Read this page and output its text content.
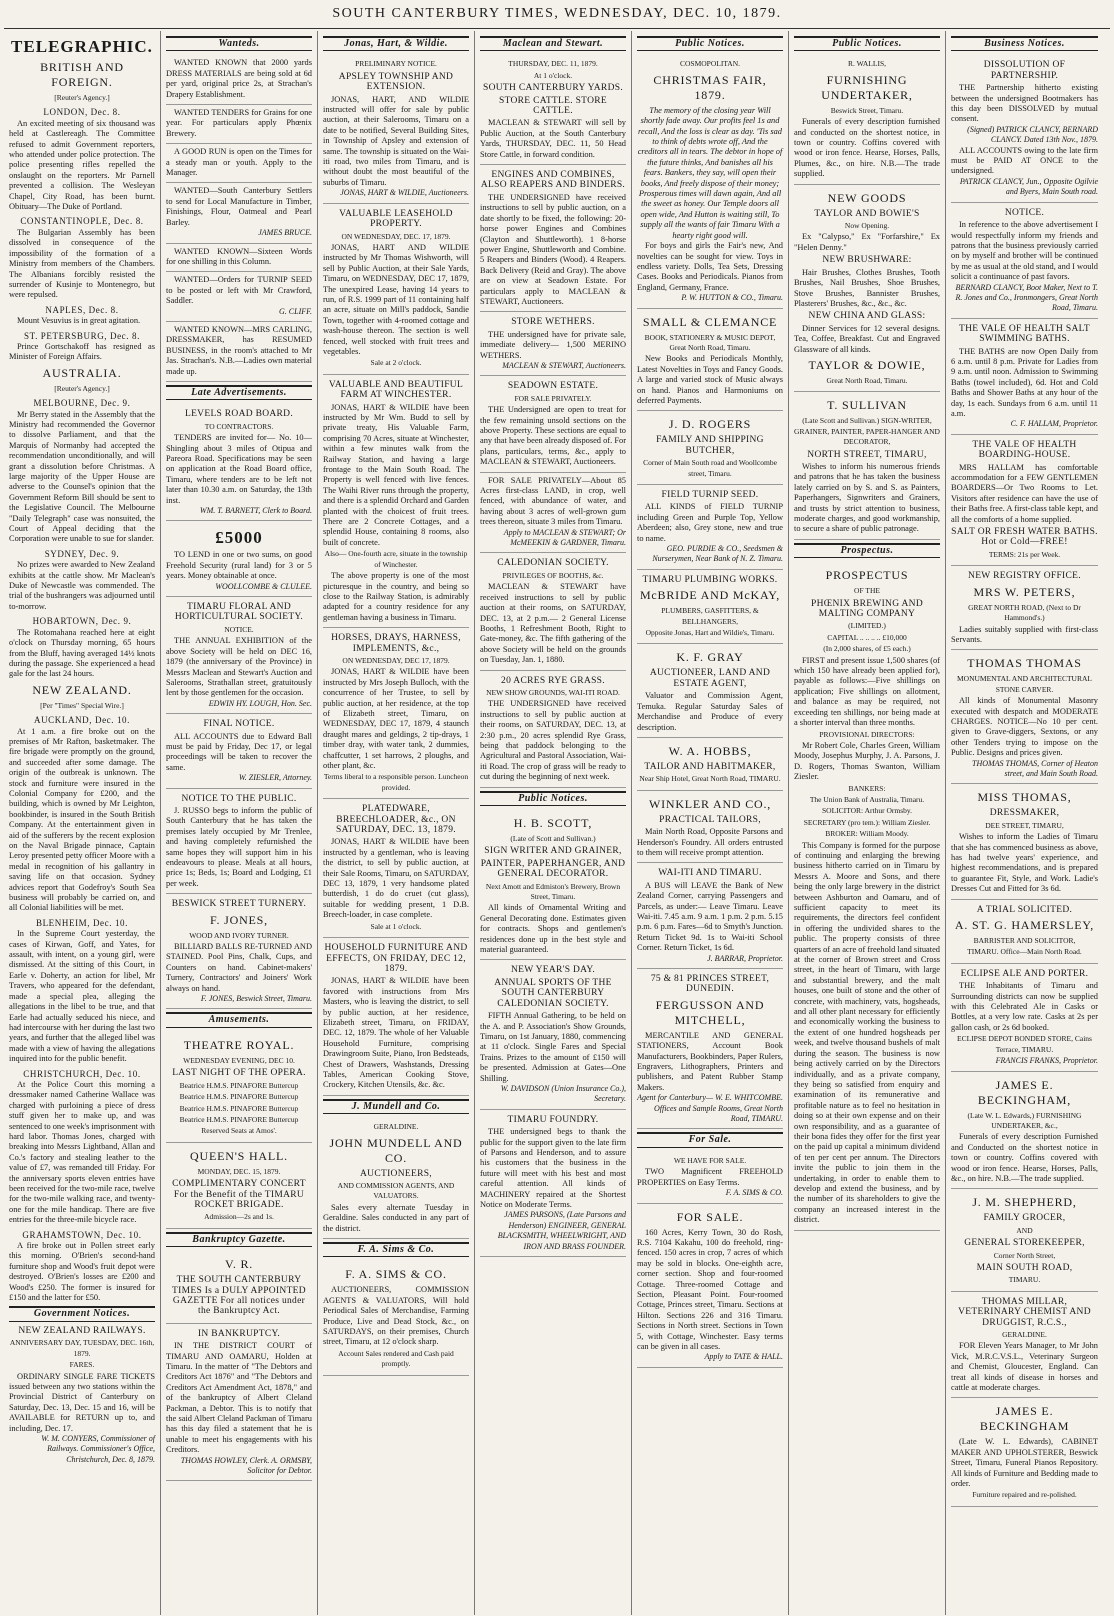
SOUTH CANTERBURY TIMES, WEDNESDAY, DEC. 10, 1879.
TELEGRAPHIC.
BRITISH AND FOREIGN.
[Reuter's Agency.]
LONDON, Dec. 8.
An excited meeting of six thousand was held at Castlereagh. The Committee refused to admit Government reporters, who attended under police protection. The police presenting rifles repelled the onslaught on the reporters. Mr Parnell prevented a collision. The Wesleyan Chapel, City Road, has been burnt. Obituary—The Duke of Portland.
CONSTANTINOPLE, Dec. 8.
The Bulgarian Assembly has been dissolved in consequence of the impossibility of the formation of a Ministry from members of the Chambers. The Albanians forcibly resisted the surrender of Kusinje to Montenegro, but were repulsed.
NAPLES, Dec. 8.
Mount Vesuvius is in great agitation.
ST. PETERSBURG, Dec. 8.
Prince Gortschakoff has resigned as Minister of Foreign Affairs.
AUSTRALIA.
[Reuter's Agency.]
MELBOURNE, Dec. 9.
Mr Berry stated in the Assembly that the Ministry had recommended the Governor to dissolve Parliament, and that the Marquis of Normanby had accepted the recommendation unconditionally, and will grant a dissolution before Christmas. A large majority of the Upper House are adverse to the Counsel's opinion that the Government Reform Bill should be sent to the Legislative Council. The Melbourne "Daily Telegraph" case was nonsuited, the Court of Appeal deciding that the Corporation were unable to sue for slander.
SYDNEY, Dec. 9.
No prizes were awarded to New Zealand exhibits at the cattle show. Mr Maclean's Duke of Newcastle was commended. The trial of the bushrangers was adjourned until to-morrow.
HOBARTOWN, Dec. 9.
The Rotomahana reached here at eight o'clock on Thursday morning, 65 hours from the Bluff, having averaged 14½ knots during the passage. She experienced a head gale for the last 24 hours.
NEW ZEALAND.
[Per "Times" Special Wire.]
AUCKLAND, Dec. 10.
At 1 a.m. a fire broke out on the premises of Mr Rafton, basketmaker. The fire brigade were promptly on the ground, and succeeded after some damage. The origin of the outbreak is unknown. The stock and furniture were insured in the Colonial Company for £200, and the building, which is owned by Mr Leighton, bookbinder, is insured in the South British Company. At the entertainment given in aid of the sufferers by the recent explosion on the Naval Brigade pinnace, Captain Leroy presented petty officer Moore with a medal in recognition of his gallantry in saving life on that occasion. Sydney advices report that Godefroy's South Sea business will probably be carried on, and all Colonial liabilities will be met.
BLENHEIM, Dec. 10.
In the Supreme Court yesterday, the cases of Kirwan, Goff, and Yates, for assault, with intent, on a young girl, were dismissed. At the sitting of this Court, in Earle v. Doherty, an action for libel, Mr Travers, who appeared for the defendant, made a special plea, alleging the allegations in the libel to be true, and that Earle had actually seduced his niece, and had intercourse with her during the last two years, and further that the alleged libel was made with a view of having the allegations inquired into for the public benefit.
CHRISTCHURCH, Dec. 10.
At the Police Court this morning a dressmaker named Catherine Wallace was charged with purloining a piece of dress stuff given her to make up, and was sentenced to one week's imprisonment with hard labor. Thomas Jones, charged with breaking into Messrs Lightband, Allan and Co.'s factory and stealing leather to the value of £7, was remanded till Friday. For the anniversary sports eleven entries have been received for the two-mile race, twelve for the two-mile walking race, and twenty-one for the mile handicap. There are five entries for the three-mile bicycle race.
GRAHAMSTOWN, Dec. 10.
A fire broke out in Pollen street early this morning. O'Brien's second-hand furniture shop and Wood's fruit depot were destroyed. O'Brien's losses are £200 and Wood's £250. The former is insured for £150 and the latter for £50.
Government Notices.
NEW ZEALAND RAILWAYS.
ANNIVERSARY DAY, TUESDAY, DEC. 16th, 1879.
FARES.
ORDINARY SINGLE FARE TICKETS issued between any two stations within the Provincial District of Canterbury on Saturday, Dec. 13, Dec. 15 and 16, will be AVAILABLE for RETURN up to, and including, Dec. 17.
W. M. CONYERS, Commissioner of Railways. Commissioner's Office, Christchurch, Dec. 8, 1879.
Wanteds.
WANTED KNOWN that 2000 yards DRESS MATERIALS are being sold at 6d per yard, original price 2s, at Strachan's Drapery Establishment.
WANTED TENDERS for Grains for one year. For particulars apply Phœnix Brewery.
A GOOD RUN is open on the Times for a steady man or youth. Apply to the Manager.
WANTED—South Canterbury Settlers to send for Local Manufacture in Timber, Finishings, Flour, Oatmeal and Pearl Barley.
JAMES BRUCE.
WANTED KNOWN—Sixteen Words for one shilling in this Column.
WANTED—Orders for TURNIP SEED to be posted or left with Mr Crawford, Saddler.
G. CLIFF.
WANTED KNOWN—MRS CARLING, DRESSMAKER, has RESUMED BUSINESS, in the room's attached to Mr Jas. Strachan's. N.B.—Ladies own material made up.
Late Advertisements.
LEVELS ROAD BOARD.
TO CONTRACTORS.
TENDERS are invited for— No. 10—Shingling about 3 miles of Otipua and Pareora Road. Specifications may be seen on application at the Road Board office, Timaru, where tenders are to be left not later than 10.30 a.m. on Saturday, the 13th inst.
WM. T. BARNETT, Clerk to Board.
£5000
TO LEND in one or two sums, on good Freehold Security (rural land) for 3 or 5 years. Money obtainable at once.
WOOLLCOMBE & CLULEE.
TIMARU FLORAL AND HORTICULTURAL SOCIETY.
NOTICE.
THE ANNUAL EXHIBITION of the above Society will be held on DEC 16, 1879 (the anniversary of the Province) in Messrs Maclean and Stewart's Auction and Salerooms, Strathallan street, gratuitously lent by those gentlemen for the occasion.
EDWIN HY. LOUGH, Hon. Sec.
FINAL NOTICE.
ALL ACCOUNTS due to Edward Ball must be paid by Friday, Dec 17, or legal proceedings will be taken to recover the same.
W. ZIESLER, Attorney.
NOTICE TO THE PUBLIC.
J. RUSSO begs to inform the public of South Canterbury that he has taken the premises lately occupied by Mr Trenlee, and having completely refurnished the same hopes they will support him in his endeavours to please. Meals at all hours, price 1s; Beds, 1s; Board and Lodging, £1 per week.
BESWICK STREET TURNERY.
F. JONES,
WOOD AND IVORY TURNER.
BILLIARD BALLS RE-TURNED AND STAINED. Pool Pins, Chalk, Cups, and Counters on hand. Cabinet-makers' Turnery, Contractors' and Joiners' Work always on hand.
F. JONES, Beswick Street, Timaru.
Amusements.
THEATRE ROYAL.
WEDNESDAY EVENING, DEC 10.
LAST NIGHT OF THE OPERA.
Beatrice H.M.S. PINAFORE Buttercup
Beatrice H.M.S. PINAFORE Buttercup
Beatrice H.M.S. PINAFORE Buttercup
Beatrice H.M.S. PINAFORE Buttercup
Reserved Seats at Amos'.
QUEEN'S HALL.
MONDAY, DEC. 15, 1879.
COMPLIMENTARY CONCERT For the Benefit of the TIMARU ROCKET BRIGADE.
Admission—2s and 1s.
Bankruptcy Gazette.
V. R.
THE SOUTH CANTERBURY TIMES Is a DULY APPOINTED GAZETTE For all notices under the Bankruptcy Act.
IN BANKRUPTCY.
IN THE DISTRICT COURT of TIMARU AND OAMARU, Holden at Timaru. In the matter of "The Debtors and Creditors Act 1876" and "The Debtors and Creditors Act Amendment Act, 1878," and of the bankruptcy of Albert Cleland Packman, a Debtor. This is to notify that the said Albert Cleland Packman of Timaru has this day filed a statement that he is unable to meet his engagements with his Creditors.
THOMAS HOWLEY, Clerk. A. ORMSBY, Solicitor for Debtor.
Jonas, Hart, & Wildie.
PRELIMINARY NOTICE.
APSLEY TOWNSHIP AND EXTENSION.
JONAS, HART, AND WILDIE instructed will offer for sale by public auction, at their Salerooms, Timaru on a date to be notified, Several Building Sites, in Township of Apsley and extension of same. The township is situated on the Wai-iti road, two miles from Timaru, and is without doubt the most beautiful of the suburbs of Timaru.
JONAS, HART & WILDIE, Auctioneers.
VALUABLE LEASEHOLD PROPERTY.
ON WEDNESDAY, DEC. 17, 1879.
JONAS, HART AND WILDIE instructed by Mr Thomas Wishworth, will sell by Public Auction, at their Sale Yards, Timaru, on WEDNESDAY, DEC 17, 1879, The unexpired Lease, having 14 years to run, of R.S. 1999 part of 11 containing half an acre, situate on Mill's paddock, Sandie Town, together with 4-roomed cottage and wash-house thereon. The section is well fenced, well stocked with fruit trees and vegetables.
Sale at 2 o'clock.
VALUABLE AND BEAUTIFUL FARM AT WINCHESTER.
JONAS, HART & WILDIE have been instructed by Mr Wm. Budd to sell by private treaty, His Valuable Farm, comprising 70 Acres, situate at Winchester, within a few minutes walk from the Railway Station, and having a large frontage to the Main South Road. The Property is well fenced with live fences. The Waihi River runs through the property, and there is a splendid Orchard and Garden planted with the choicest of fruit trees. There are 2 Concrete Cottages, and a splendid House, containing 8 rooms, also built of concrete.
Also— One-fourth acre, situate in the township of Winchester.
The above property is one of the most picturesque in the country, and being so close to the Railway Station, is admirably adapted for a country residence for any gentleman having a business in Timaru.
HORSES, DRAYS, HARNESS, IMPLEMENTS, &c.,
ON WEDNESDAY, DEC 17, 1879.
JONAS, HART & WILDIE have been instructed by Mrs Joseph Bulloch, with the concurrence of her Trustee, to sell by public auction, at her residence, at the top of Elizabeth street, Timaru, on WEDNESDAY, DEC 17, 1879, 4 staunch draught mares and geldings, 2 tip-drays, 1 timber dray, with water tank, 2 dummies, chaffcutter, 1 set harrows, 2 ploughs, and other plant, &c.
Terms liberal to a responsible person. Luncheon provided.
PLATEDWARE, BREECHLOADER, &c., ON SATURDAY, DEC. 13, 1879.
JONAS, HART & WILDIE have been instructed by a gentleman, who is leaving the district, to sell by public auction, at their Sale Rooms, Timaru, on SATURDAY, DEC 13, 1879, 1 very handsome plated butterdish, 1 do do cruet (cut glass), suitable for wedding present, 1 D.B. Breech-loader, in case complete.
Sale at 1 o'clock.
HOUSEHOLD FURNITURE AND EFFECTS, ON FRIDAY, DEC 12, 1879.
JONAS, HART & WILDIE have been favored with instructions from Mrs Masters, who is leaving the district, to sell by public auction, at her residence, Elizabeth street, Timaru, on FRIDAY, DEC. 12, 1879. The whole of her Valuable Household Furniture, comprising Drawingroom Suite, Piano, Iron Bedsteads, Chest of Drawers, Washstands, Dressing Tables, American Cooking Stove, Crockery, Kitchen Utensils, &c. &c.
J. Mundell and Co.
GERALDINE.
JOHN MUNDELL AND CO.
AUCTIONEERS,
AND COMMISSION AGENTS, AND VALUATORS.
Sales every alternate Tuesday in Geraldine. Sales conducted in any part of the district.
F. A. Sims & Co.
F. A. SIMS & CO.
AUCTIONEERS, COMMISSION AGENTS & VALUATORS, Will hold Periodical Sales of Merchandise, Farming Produce, Live and Dead Stock, &c., on SATURDAYS, on their premises, Church street, Timaru, at 12 o'clock sharp.
Account Sales rendered and Cash paid promptly.
Maclean and Stewart.
THURSDAY, DEC. 11, 1879.
At 1 o'clock.
SOUTH CANTERBURY YARDS.
STORE CATTLE. STORE CATTLE.
MACLEAN & STEWART will sell by Public Auction, at the South Canterbury Yards, THURSDAY, DEC. 11, 50 Head Store Cattle, in forward condition.
ENGINES AND COMBINES, ALSO REAPERS AND BINDERS.
THE UNDERSIGNED have received instructions to sell by public auction, on a date shortly to be fixed, the following: 20-horse power Engines and Combines (Clayton and Shuttleworth). 1 8-horse power Engine, Shuttleworth and Combine. 5 Reapers and Binders (Wood). 4 Reapers. Back Delivery (Reid and Gray). The above are on view at Seadown Estate. For particulars apply to MACLEAN & STEWART, Auctioneers.
STORE WETHERS.
THE undersigned have for private sale, immediate delivery— 1,500 MERINO WETHERS.
MACLEAN & STEWART, Auctioneers.
SEADOWN ESTATE.
FOR SALE PRIVATELY.
THE Undersigned are open to treat for the few remaining unsold sections on the above Property. These sections are equal to any that have been already disposed of. For plans, particulars, terms, &c., apply to MACLEAN & STEWART, Auctioneers.
FOR SALE PRIVATELY—About 85 Acres first-class LAND, in crop, well fenced, with abundance of water, and having about 3 acres of well-grown gum trees thereon, situate 3 miles from Timaru.
Apply to MACLEAN & STEWART; Or McMEEKIN & GARDNER, Timaru.
CALEDONIAN SOCIETY.
PRIVILEGES OF BOOTHS, &c.
MACLEAN & STEWART have received instructions to sell by public auction at their rooms, on SATURDAY, DEC. 13, at 2 p.m.— 2 General License Booths, 1 Refreshment Booth, Right to Gate-money, &c. The fifth gathering of the above Society will be held on the grounds on Tuesday, Jan. 1, 1880.
20 ACRES RYE GRASS.
NEW SHOW GROUNDS, WAI-ITI ROAD.
THE UNDERSIGNED have received instructions to sell by public auction at their rooms, on SATURDAY, DEC. 13, at 2:30 p.m., 20 acres splendid Rye Grass, being that paddock belonging to the Agricultural and Pastoral Association, Wai-iti Road. The crop of grass will be ready to cut during the beginning of next week.
Public Notices.
H. B. SCOTT,
(Late of Scott and Sullivan.)
SIGN WRITER AND GRAINER,
PAINTER, PAPERHANGER, AND GENERAL DECORATOR.
Next Amott and Edmiston's Brewery, Brown Street, Timaru.
All kinds of Ornamental Writing and General Decorating done. Estimates given for contracts. Shops and gentlemen's residences done up in the best style and material guaranteed.
NEW YEAR'S DAY.
ANNUAL SPORTS OF THE SOUTH CANTERBURY CALEDONIAN SOCIETY.
FIFTH Annual Gathering, to be held on the A. and P. Association's Show Grounds, Timaru, on 1st January, 1880, commencing at 11 o'clock. Single Fares and Special Trains. Prizes to the amount of £150 will be presented. Admission at Gates—One Shilling.
W. DAVIDSON (Union Insurance Co.), Secretary.
TIMARU FOUNDRY.
THE undersigned begs to thank the public for the support given to the late firm of Parsons and Henderson, and to assure his customers that the business in the future will meet with his best and most careful attention. All kinds of MACHINERY repaired at the Shortest Notice on Moderate Terms.
JAMES PARSONS, (Late Parsons and Henderson) ENGINEER, GENERAL BLACKSMITH, WHEELWRIGHT, AND IRON AND BRASS FOUNDER.
Public Notices.
COSMOPOLITAN.
CHRISTMAS FAIR, 1879.
The memory of the closing year Will shortly fade away. Our profits feel 1s and recall, And the loss is clear as day. 'Tis sad to think of debts wrote off, And the creditors all in tears. The debtor in hope of the future thinks, And banishes all his fears. Bankers, they say, will open their books, And freely dispose of their money; Prosperous times will dawn again, And all the sweet as honey. Our Temple doors all open wide, And Hutton is waiting still, To supply all the wants of fair Timaru With a hearty right good will.
For boys and girls the Fair's new, And novelties can be sought for view. Toys in endless variety. Dolls, Tea Sets, Dressing Cases. Books and Periodicals. Pianos from England, Germany, France.
P. W. HUTTON & CO., Timaru.
SMALL & CLEMANCE
BOOK, STATIONERY & MUSIC DEPOT, Great North Road, Timaru.
New Books and Periodicals Monthly, Latest Novelties in Toys and Fancy Goods. A large and varied stock of Music always on hand. Pianos and Harmoniums on deferred Payments.
J. D. ROGERS
FAMILY AND SHIPPING BUTCHER,
Corner of Main South road and Woollcombe street, Timaru.
FIELD TURNIP SEED.
ALL KINDS of FIELD TURNIP including Green and Purple Top, Yellow Aberdeen; also, Grey stone, new and true to name.
GEO. PURDIE & CO., Seedsmen & Nurserymen, Near Bank of N. Z. Timaru.
TIMARU PLUMBING WORKS.
McBRIDE AND McKAY,
PLUMBERS, GASFITTERS, & BELLHANGERS,
Opposite Jonas, Hart and Wildie's, Timaru.
K. F. GRAY
AUCTIONEER, LAND AND ESTATE AGENT,
Valuator and Commission Agent, Temuka. Regular Saturday Sales of Merchandise and Produce of every description.
W. A. HOBBS,
TAILOR AND HABITMAKER,
Near Ship Hotel, Great North Road, TIMARU.
WINKLER AND CO.,
PRACTICAL TAILORS,
Main North Road, Opposite Parsons and Henderson's Foundry. All orders entrusted to them will receive prompt attention.
WAI-ITI AND TIMARU.
A BUS will LEAVE the Bank of New Zealand Corner, carrying Passengers and Parcels, as under:— Leave Timaru. Leave Wai-iti. 7.45 a.m. 9 a.m. 1 p.m. 2 p.m. 5.15 p.m. 6 p.m. Fares—6d to Smyth's Junction. Return Ticket 9d. 1s to Wai-iti School Corner. Return Ticket, 1s 6d.
J. BARRAR, Proprietor.
75 & 81 PRINCES STREET, DUNEDIN.
FERGUSSON AND MITCHELL,
MERCANTILE AND GENERAL STATIONERS, Account Book Manufacturers, Bookbinders, Paper Rulers, Engravers, Lithographers, Printers and publishers, and Patent Rubber Stamp Makers.
Agent for Canterbury— W. E. WHITCOMBE. Offices and Sample Rooms, Great North Road, TIMARU.
For Sale.
WE HAVE FOR SALE.
TWO Magnificent FREEHOLD PROPERTIES on Easy Terms.
F. A. SIMS & CO.
FOR SALE.
160 Acres, Kerry Town, 30 do Rosh, R.S. 7104 Kakahu, 100 do freehold, ring-fenced. 150 acres in crop, 7 acres of which may be sold in blocks. One-eighth acre, corner section. Shop and four-roomed Cottage. Three-roomed Cottage and Section, Pleasant Point. Four-roomed Cottage, Princes street, Timaru. Sections at Hilton. Sections 226 and 316 Timaru. Sections in North street. Sections in Town 5, with Cottage, Winchester. Easy terms can be given in all cases.
Apply to TATE & HALL.
Public Notices.
R. WALLIS,
FURNISHING UNDERTAKER,
Beswick Street, Timaru.
Funerals of every description furnished and conducted on the shortest notice, in town or country. Coffins covered with wood or iron fence. Hearse, Horses, Palls, Plumes, &c., on hire. N.B.—The trade supplied.
NEW GOODS
TAYLOR AND BOWIE'S
Now Opening.
Ex "Calypso," Ex "Forfarshire," Ex "Helen Denny."
NEW BRUSHWARE:
Hair Brushes, Clothes Brushes, Tooth Brushes, Nail Brushes, Shoe Brushes, Stove Brushes, Bannister Brushes, Plasterers' Brushes, &c., &c., &c.
NEW CHINA AND GLASS:
Dinner Services for 12 several designs. Tea, Coffee, Breakfast. Cut and Engraved Glassware of all kinds.
TAYLOR & DOWIE,
Great North Road, Timaru.
T. SULLIVAN
(Late Scott and Sullivan.) SIGN-WRITER, GRAINER, PAINTER, PAPER-HANGER AND DECORATOR,
NORTH STREET, TIMARU,
Wishes to inform his numerous friends and patrons that he has taken the business lately carried on by S. and S. as Painters, Paperhangers, Signwriters and Grainers, and trusts by strict attention to business, moderate charges, and good workmanship, to secure a share of public patronage.
Prospectus.
PROSPECTUS
OF THE
PHŒNIX BREWING AND MALTING COMPANY
(LIMITED.)
CAPITAL .. .. .. .. £10,000
(In 2,000 shares, of £5 each.)
FIRST and present issue 1,500 shares (of which 150 have already been applied for), payable as follows:—Five shillings on application; Five shillings on allotment, and balance as may be required, not exceeding ten shillings, nor being made at a shorter interval than three months.
PROVISIONAL DIRECTORS:
Mr Robert Cole, Charles Green, William Moody, Josephus Murphy, J. A. Parsons, J. D. Rogers, Thomas Swanton, William Ziesler.
BANKERS:
The Union Bank of Australia, Timaru.
SOLICITOR: Arthur Ormsby.
SECRETARY (pro tem.): William Ziesler.
BROKER: William Moody.
This Company is formed for the purpose of continuing and enlarging the brewing business hitherto carried on in Timaru by Messrs A. Moore and Sons, and there being the only large brewery in the district between Ashburton and Oamaru, and of sufficient capacity to meet its requirements, the directors feel confident in offering the undivided shares to the public. The property consists of three quarters of an acre of freehold land situated at the corner of Brown street and Cross street, in the heart of Timaru, with large and substantial brewery, and the malt houses, one built of stone and the other of concrete, with machinery, vats, hogsheads, and all other plant necessary for efficiently and economically working the business to the extent of one hundred hogsheads per week, and twelve thousand bushels of malt during the season. The business is now being actively carried on by the Directors individually, and as a private company, they being so satisfied from enquiry and examination of its remunerative and profitable nature as to feel no hesitation in doing so at their own expense and on their own responsibility, and as a guarantee of their bona fides they offer for the first year on the paid up capital a minimum dividend of ten per cent per annum. The Directors invite the public to join them in the undertaking, in order to enable them to develop and extend the business, and by the number of its shareholders to give the company an increased interest in the district.
Business Notices.
DISSOLUTION OF PARTNERSHIP.
THE Partnership hitherto existing between the undersigned Bootmakers has this day been DISSOLVED by mutual consent.
(Signed) PATRICK CLANCY, BERNARD CLANCY. Dated 13th Nov., 1879.
ALL ACCOUNTS owing to the late firm must be PAID AT ONCE to the undersigned.
PATRICK CLANCY, Jun., Opposite Ogilvie and Byers, Main South road.
NOTICE.
In reference to the above advertisement I would respectfully inform my friends and patrons that the business previously carried on by myself and brother will be continued by me as usual at the old stand, and I would solicit a continuance of past favors.
BERNARD CLANCY, Boot Maker, Next to T. R. Jones and Co., Ironmongers, Great North Road, Timaru.
THE VALE OF HEALTH SALT SWIMMING BATHS.
THE BATHS are now Open Daily from 6 a.m. until 8 p.m. Private for Ladies from 9 a.m. until noon. Admission to Swimming Baths (towel included), 6d. Hot and Cold Baths and Shower Baths at any hour of the day, 1s each. Sundays from 6 a.m. until 11 a.m.
C. F. HALLAM, Proprietor.
THE VALE OF HEALTH BOARDING-HOUSE.
MRS HALLAM has comfortable accommodation for a FEW GENTLEMEN BOARDERS—Or Two Rooms to Let. Visitors after residence can have the use of their Baths free. A first-class table kept, and all the comforts of a home supplied.
SALT OR FRESH WATER BATHS. Hot or Cold—FREE!
TERMS: 21s per Week.
NEW REGISTRY OFFICE.
MRS W. PETERS,
GREAT NORTH ROAD, (Next to Dr Hammond's.)
Ladies suitably supplied with first-class Servants.
THOMAS THOMAS
MONUMENTAL AND ARCHITECTURAL STONE CARVER.
All kinds of Monumental Masonry executed with despatch and MODERATE CHARGES. NOTICE—No 10 per cent. given to Grave-diggers, Sextons, or any other Tenders trying to impose on the Public. Designs and prices given.
THOMAS THOMAS, Corner of Heaton street, and Main South Road.
MISS THOMAS,
DRESSMAKER,
DEE STREET, TIMARU,
Wishes to inform the Ladies of Timaru that she has commenced business as above, has had twelve years' experience, and highest recommendations, and is prepared to guarantee Fit, Style, and Work. Ladie's Dresses Cut and Fitted for 3s 6d.
A TRIAL SOLICITED.
A. ST. G. HAMERSLEY,
BARRISTER AND SOLICITOR,
TIMARU. Office—Main North Road.
ECLIPSE ALE AND PORTER.
THE Inhabitants of Timaru and Surrounding districts can now be supplied with this Celebrated Ale in Casks or Bottles, at a very low rate. Casks at 2s per gallon cash, or 2s 6d booked.
ECLIPSE DEPOT BONDED STORE, Cains Terrace, TIMARU.
FRANCIS FRANKS, Proprietor.
JAMES E. BECKINGHAM,
(Late W. L. Edwards,) FURNISHING UNDERTAKER, &c.,
Funerals of every description Furnished and Conducted on the shortest notice in town or country. Coffins covered with wood or iron fence. Hearse, Horses, Palls, &c., on hire. N.B.—The trade supplied.
J. M. SHEPHERD,
FAMILY GROCER,
AND
GENERAL STOREKEEPER,
Corner North Street,
MAIN SOUTH ROAD,
TIMARU.
THOMAS MILLAR, VETERINARY CHEMIST AND DRUGGIST, R.C.S.,
GERALDINE.
FOR Eleven Years Manager, to Mr John Vick, M.R.C.V.S.L., Veterinary Surgeon and Chemist, Gloucester, England. Can treat all kinds of disease in horses and cattle at moderate charges.
JAMES E. BECKINGHAM
(Late W. L. Edwards), CABINET MAKER AND UPHOLSTERER, Beswick Street, Timaru, Funeral Pianos Repository. All kinds of Furniture and Bedding made to order.
Furniture repaired and re-polished.
